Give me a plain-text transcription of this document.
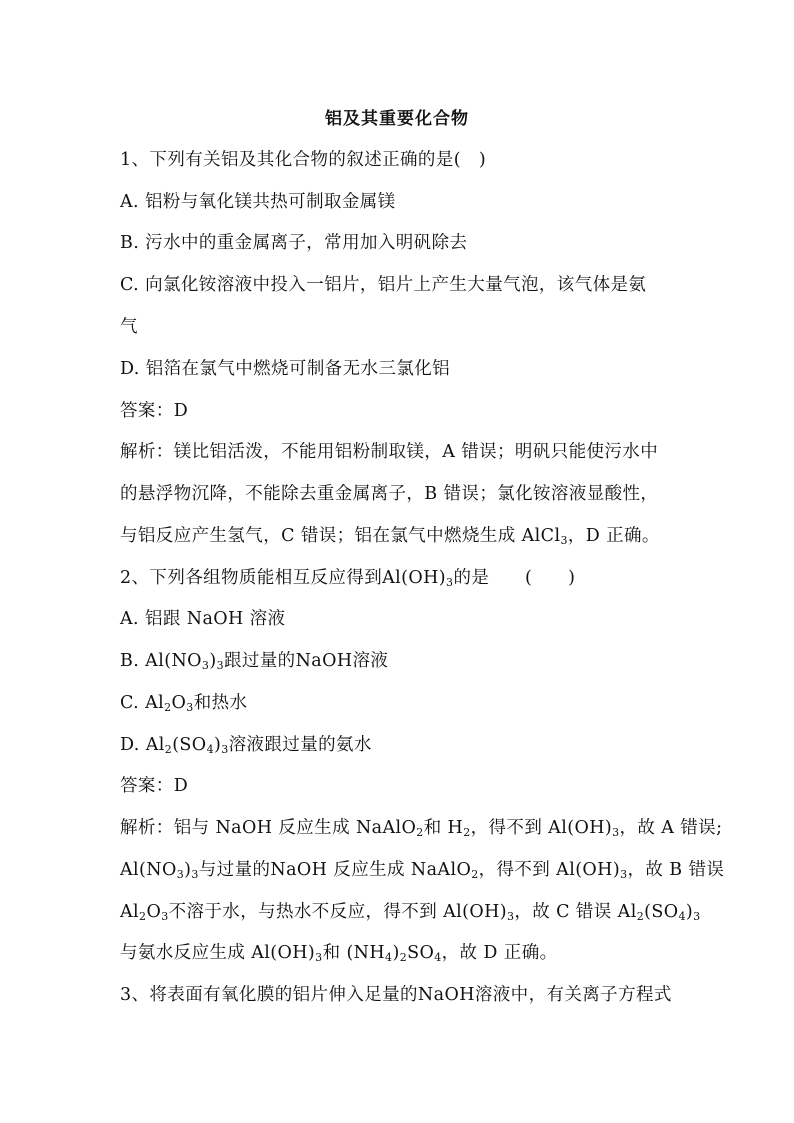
铝及其重要化合物
1、下列有关铝及其化合物的叙述正确的是(　)
A. 铝粉与氧化镁共热可制取金属镁
B. 污水中的重金属离子，常用加入明矾除去
C. 向氯化铵溶液中投入一铝片，铝片上产生大量气泡，该气体是氨
气
D. 铝箔在氯气中燃烧可制备无水三氯化铝
答案：D
解析：镁比铝活泼，不能用铝粉制取镁，A 错误；明矾只能使污水中
的悬浮物沉降，不能除去重金属离子，B 错误；氯化铵溶液显酸性，
与铝反应产生氢气，C 错误；铝在氯气中燃烧生成 AlCl$_3$，D 正确。
2、下列各组物质能相互反应得到$Al(OH)_3$的是　　(　　)
A. 铝跟 NaOH 溶液
B. $Al(NO_3)_3$跟过量的NaOH溶液
C. $Al_2O_3$和热水
D. $Al_2(SO_4)_3$溶液跟过量的氨水
答案：D
解析：铝与 NaOH 反应生成 NaAlO$_2$和 $H_2$，得不到 $Al(OH)_3$，故 A 错误;
$Al(NO_3)_3$与过量的NaOH 反应生成 NaAlO$_2$，得不到 $Al(OH)_3$，故 B 错误
$Al_2O_3$不溶于水，与热水不反应，得不到 $Al(OH)_3$，故 C 错误 $Al_2(SO_4)_3$
与氨水反应生成 $Al(OH)_3$和 $(NH_4)_2SO_4$，故 D 正确。
3、将表面有氧化膜的铝片伸入足量的NaOH溶液中，有关离子方程式
